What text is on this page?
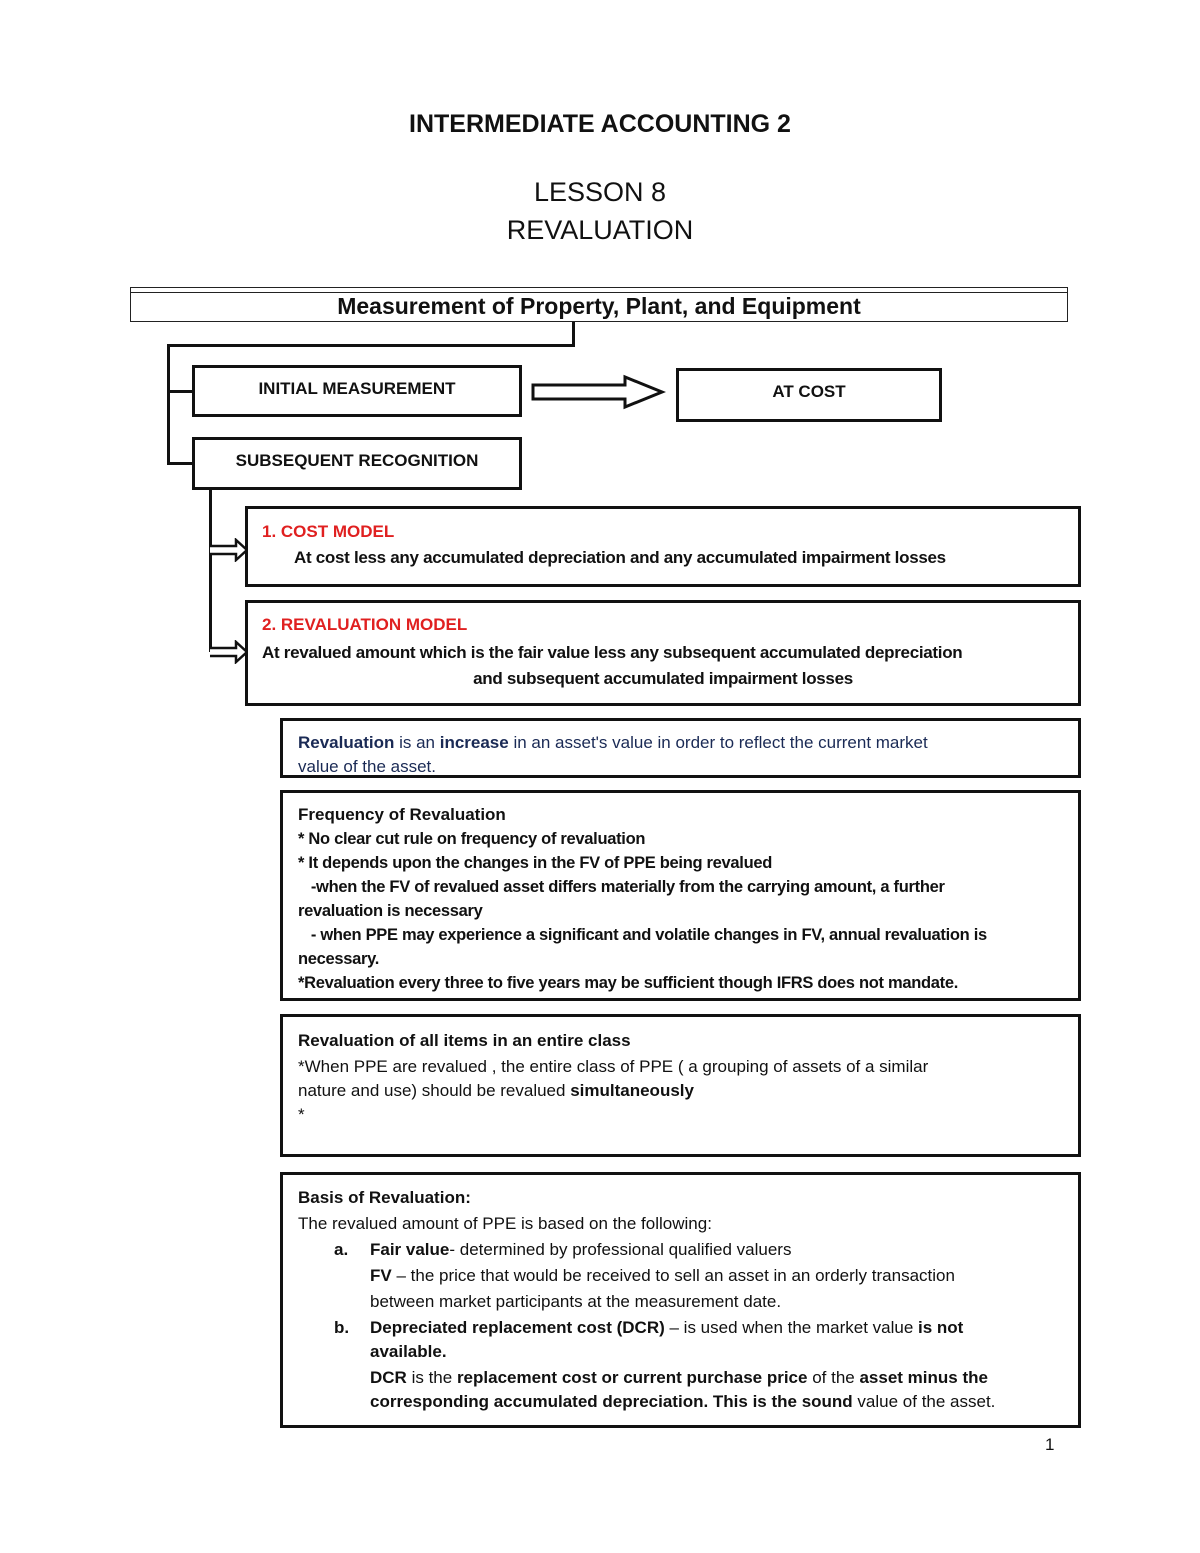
INTERMEDIATE ACCOUNTING 2
LESSON 8
REVALUATION
Measurement of Property, Plant, and Equipment
INITIAL MEASUREMENT	AT COST
SUBSEQUENT RECOGNITION
1. COST MODEL
At cost less any accumulated depreciation and any accumulated impairment losses
2. REVALUATION MODEL
At revalued amount which is the fair value less any subsequent accumulated depreciation
and subsequent accumulated impairment losses
Revaluation is an increase in an asset's value in order to reflect the current market
value of the asset.
Frequency of Revaluation
* No clear cut rule on frequency of revaluation
* It depends upon the changes in the FV of PPE being revalued
-when the FV of revalued asset differs materially from the carrying amount, a further
revaluation is necessary
- when PPE may experience a significant and volatile changes in FV, annual revaluation is
necessary.
*Revaluation every three to five years may be sufficient though IFRS does not mandate.
Revaluation of all items in an entire class
*When PPE are revalued , the entire class of PPE ( a grouping of assets of a similar
nature and use) should be revalued simultaneously
*
Basis of Revaluation:
The revalued amount of PPE is based on the following:
a. Fair value- determined by professional qualified valuers
FV – the price that would be received to sell an asset in an orderly transaction
between market participants at the measurement date.
b. Depreciated replacement cost (DCR) – is used when the market value is not
available.
DCR is the replacement cost or current purchase price of the asset minus the
corresponding accumulated depreciation. This is the sound value of the asset.
1
